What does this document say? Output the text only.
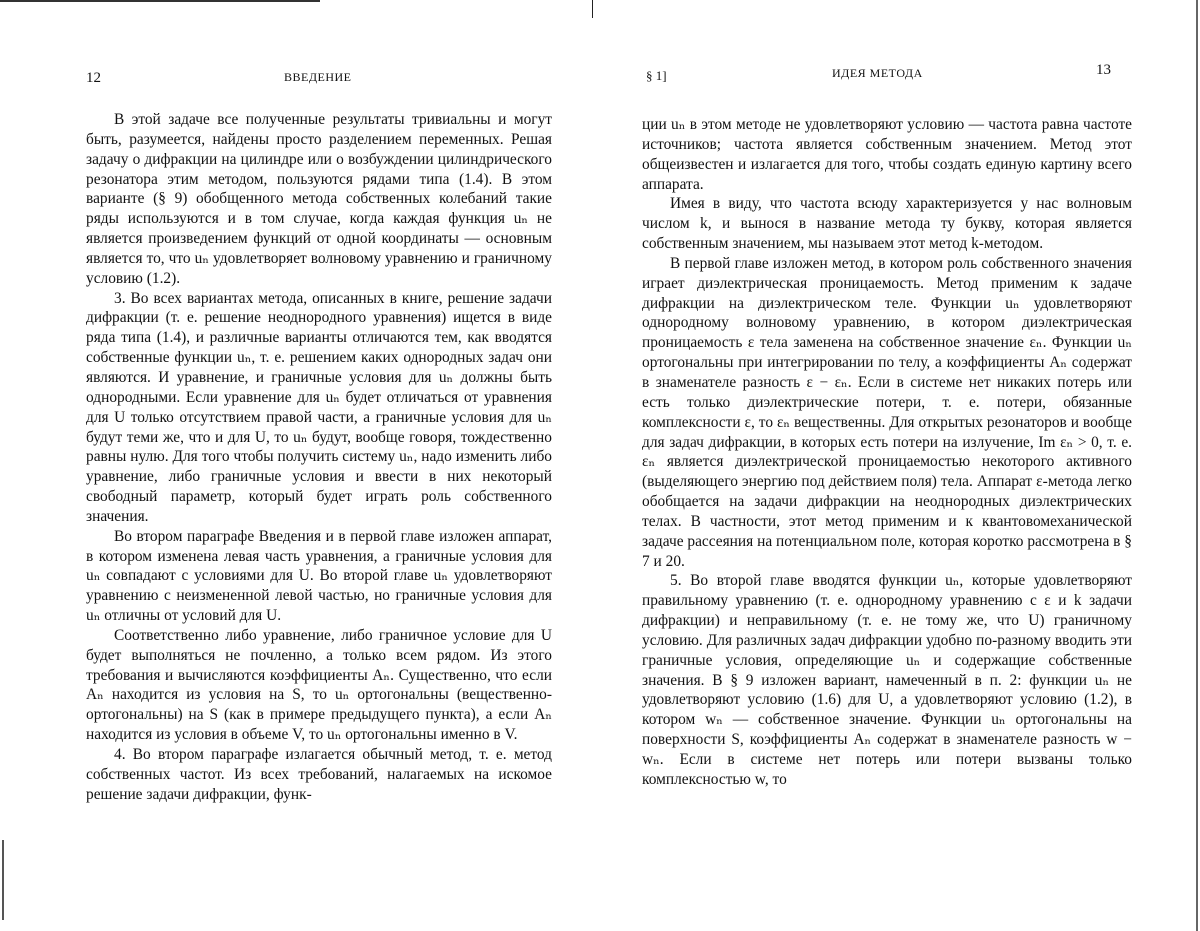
12	ВВЕДЕНИЕ

В этой задаче все полученные результаты тривиальны и могут быть, разумеется, найдены просто разделением переменных. Решая задачу о дифракции на цилиндре или о возбуждении цилиндрического резонатора этим методом, пользуются рядами типа (1.4). В этом варианте (§ 9) обобщенного метода собственных колебаний такие ряды используются и в том случае, когда каждая функция uₙ не является произведением функций от одной координаты — основным является то, что uₙ удовлетворяет волновому уравнению и граничному условию (1.2).

3. Во всех вариантах метода, описанных в книге, решение задачи дифракции (т. е. решение неоднородного уравнения) ищется в виде ряда типа (1.4), и различные варианты отличаются тем, как вводятся собственные функции uₙ, т. е. решением каких однородных задач они являются. И уравнение, и граничные условия для uₙ должны быть однородными. Если уравнение для uₙ будет отличаться от уравнения для U только отсутствием правой части, а граничные условия для uₙ будут теми же, что и для U, то uₙ будут, вообще говоря, тождественно равны нулю. Для того чтобы получить систему uₙ, надо изменить либо уравнение, либо граничные условия и ввести в них некоторый свободный параметр, который будет играть роль собственного значения.

Во втором параграфе Введения и в первой главе изложен аппарат, в котором изменена левая часть уравнения, а граничные условия для uₙ совпадают с условиями для U. Во второй главе uₙ удовлетворяют уравнению с неизмененной левой частью, но граничные условия для uₙ отличны от условий для U.

Соответственно либо уравнение, либо граничное условие для U будет выполняться не почленно, а только всем рядом. Из этого требования и вычисляются коэффициенты Aₙ. Существенно, что если Aₙ находится из условия на S, то uₙ ортогональны (вещественно-ортогональны) на S (как в примере предыдущего пункта), а если Aₙ находится из условия в объеме V, то uₙ ортогональны именно в V.

4. Во втором параграфе излагается обычный метод, т. е. метод собственных частот. Из всех требований, налагаемых на искомое решение задачи дифракции, функ-

§ 1]	ИДЕЯ МЕТОДА	13

ции uₙ в этом методе не удовлетворяют условию — частота равна частоте источников; частота является собственным значением. Метод этот общеизвестен и излагается для того, чтобы создать единую картину всего аппарата.

Имея в виду, что частота всюду характеризуется у нас волновым числом k, и вынося в название метода ту букву, которая является собственным значением, мы называем этот метод k-методом.

В первой главе изложен метод, в котором роль собственного значения играет диэлектрическая проницаемость. Метод применим к задаче дифракции на диэлектрическом теле. Функции uₙ удовлетворяют однородному волновому уравнению, в котором диэлектрическая проницаемость ε тела заменена на собственное значение εₙ. Функции uₙ ортогональны при интегрировании по телу, а коэффициенты Aₙ содержат в знаменателе разность ε − εₙ. Если в системе нет никаких потерь или есть только диэлектрические потери, т. е. потери, обязанные комплексности ε, то εₙ вещественны. Для открытых резонаторов и вообще для задач дифракции, в которых есть потери на излучение, Im εₙ > 0, т. е. εₙ является диэлектрической проницаемостью некоторого активного (выделяющего энергию под действием поля) тела. Аппарат ε-метода легко обобщается на задачи дифракции на неоднородных диэлектрических телах. В частности, этот метод применим и к квантовомеханической задаче рассеяния на потенциальном поле, которая коротко рассмотрена в § 7 и 20.

5. Во второй главе вводятся функции uₙ, которые удовлетворяют правильному уравнению (т. е. однородному уравнению с ε и k задачи дифракции) и неправильному (т. е. не тому же, что U) граничному условию. Для различных задач дифракции удобно по-разному вводить эти граничные условия, определяющие uₙ и содержащие собственные значения. В § 9 изложен вариант, намеченный в п. 2: функции uₙ не удовлетворяют условию (1.6) для U, а удовлетворяют условию (1.2), в котором wₙ — собственное значение. Функции uₙ ортогональны на поверхности S, коэффициенты Aₙ содержат в знаменателе разность w − wₙ. Если в системе нет потерь или потери вызваны только комплексностью w, то
